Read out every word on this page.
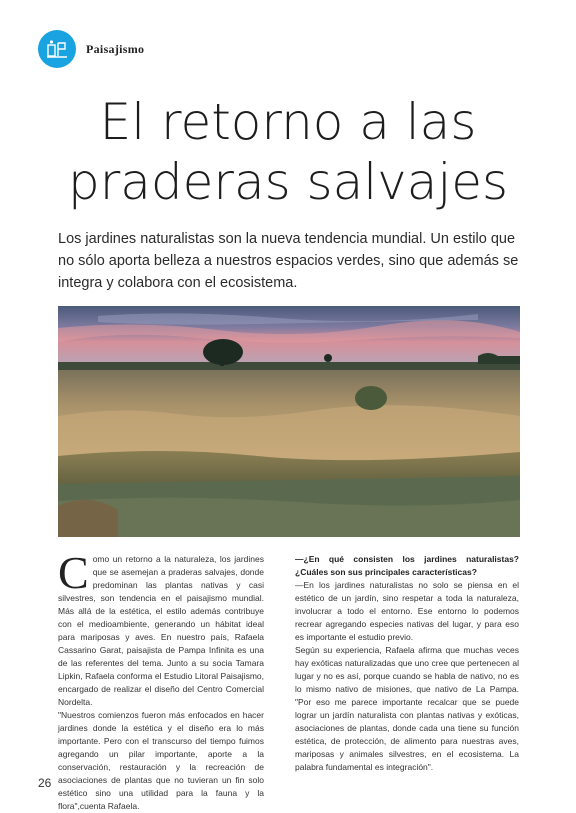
Paisajismo
El retorno a las
praderas salvajes
Los jardines naturalistas son la nueva tendencia mundial. Un estilo que no sólo aporta belleza a nuestros espacios verdes, sino que además se integra y colabora con el ecosistema.

Como un retorno a la naturaleza, los jardines que se asemejan a praderas salvajes, donde predominan las plantas nativas y casi silvestres, son tendencia en el paisajismo mundial. Más allá de la estética, el estilo además contribuye con el medioambiente, generando un hábitat ideal para mariposas y aves. En nuestro país, Rafaela Cassarino Garat, paisajista de Pampa Infinita es una de las referentes del tema. Junto a su socia Tamara Lipkin, Rafaela conforma el Estudio Litoral Paisajismo, encargado de realizar el diseño del Centro Comercial Nordelta.

"Nuestros comienzos fueron más enfocados en hacer jardines donde la estética y el diseño era lo más importante. Pero con el transcurso del tiempo fuimos agregando un pilar importante, aporte a la conservación, restauración y la recreación de asociaciones de plantas que no tuvieran un fin solo estético sino una utilidad para la fauna y la flora",cuenta Rafaela.

—¿En qué consisten los jardines naturalistas? ¿Cuáles son sus principales características?

—En los jardines naturalistas no solo se piensa en el estético de un jardín, sino respetar a toda la naturaleza, involucrar a todo el entorno. Ese entorno lo podemos recrear agregando especies nativas del lugar, y para eso es importante el estudio previo.

Según su experiencia, Rafaela afirma que muchas veces hay exóticas naturalizadas que uno cree que pertenecen al lugar y no es así, porque cuando se habla de nativo, no es lo mismo nativo de misiones, que nativo de La Pampa. "Por eso me parece importante recalcar que se puede lograr un jardín naturalista con plantas nativas y exóticas, asociaciones de plantas, donde cada una tiene su función estética, de protección, de alimento para nuestras aves, mariposas y animales silvestres, en el ecosistema. La palabra fundamental es integración".

26
